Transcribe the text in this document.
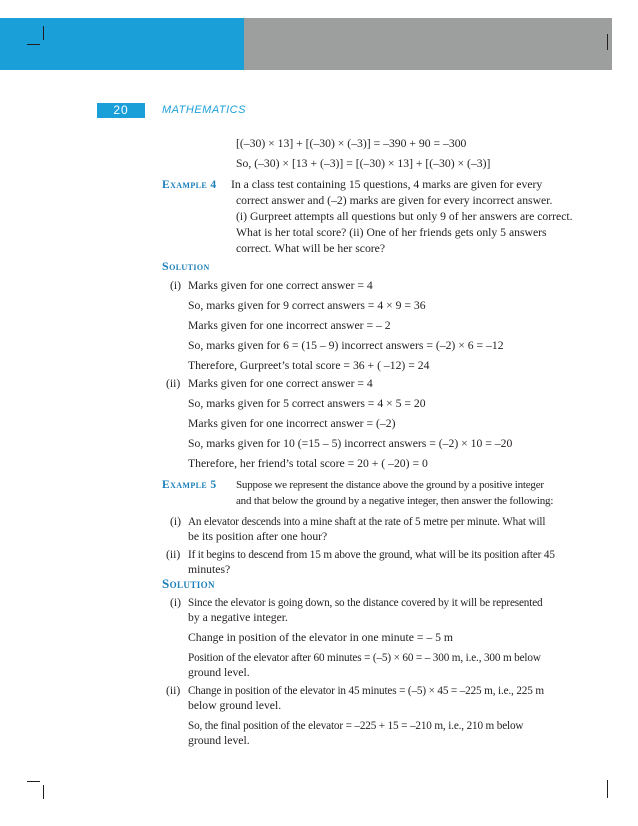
20	MATHEMATICS
[(–30) × 13] + [(–30) × (–3)] = –390 + 90 = –300
So, (–30) × [13 + (–3)] = [(–30) × 13] + [(–30) × (–3)]
Example 4 In a class test containing 15 questions, 4 marks are given for every
correct answer and (–2) marks are given for every incorrect answer.
(i) Gurpreet attempts all questions but only 9 of her answers are correct.
What is her total score? (ii) One of her friends gets only 5 answers
correct. What will be her score?
Solution
(i) Marks given for one correct answer = 4
So, marks given for 9 correct answers = 4 × 9 = 36
Marks given for one incorrect answer = – 2
So, marks given for 6 = (15 – 9) incorrect answers = (–2) × 6 = –12
Therefore, Gurpreet’s total score = 36 + ( –12) = 24
(ii) Marks given for one correct answer = 4
So, marks given for 5 correct answers = 4 × 5 = 20
Marks given for one incorrect answer = (–2)
So, marks given for 10 (=15 – 5) incorrect answers = (–2) × 10 = –20
Therefore, her friend’s total score = 20 + ( –20) = 0
Example 5 Suppose we represent the distance above the ground by a positive integer
and that below the ground by a negative integer, then answer the following:
(i) An elevator descends into a mine shaft at the rate of 5 metre per minute. What will
be its position after one hour?
(ii) If it begins to descend from 15 m above the ground, what will be its position after 45
minutes?
Solution
(i) Since the elevator is going down, so the distance covered by it will be represented
by a negative integer.
Change in position of the elevator in one minute = – 5 m
Position of the elevator after 60 minutes = (–5) × 60 = – 300 m, i.e., 300 m below
ground level.
(ii) Change in position of the elevator in 45 minutes = (–5) × 45 = –225 m, i.e., 225 m
below ground level.
So, the final position of the elevator = –225 + 15 = –210 m, i.e., 210 m below
ground level.
